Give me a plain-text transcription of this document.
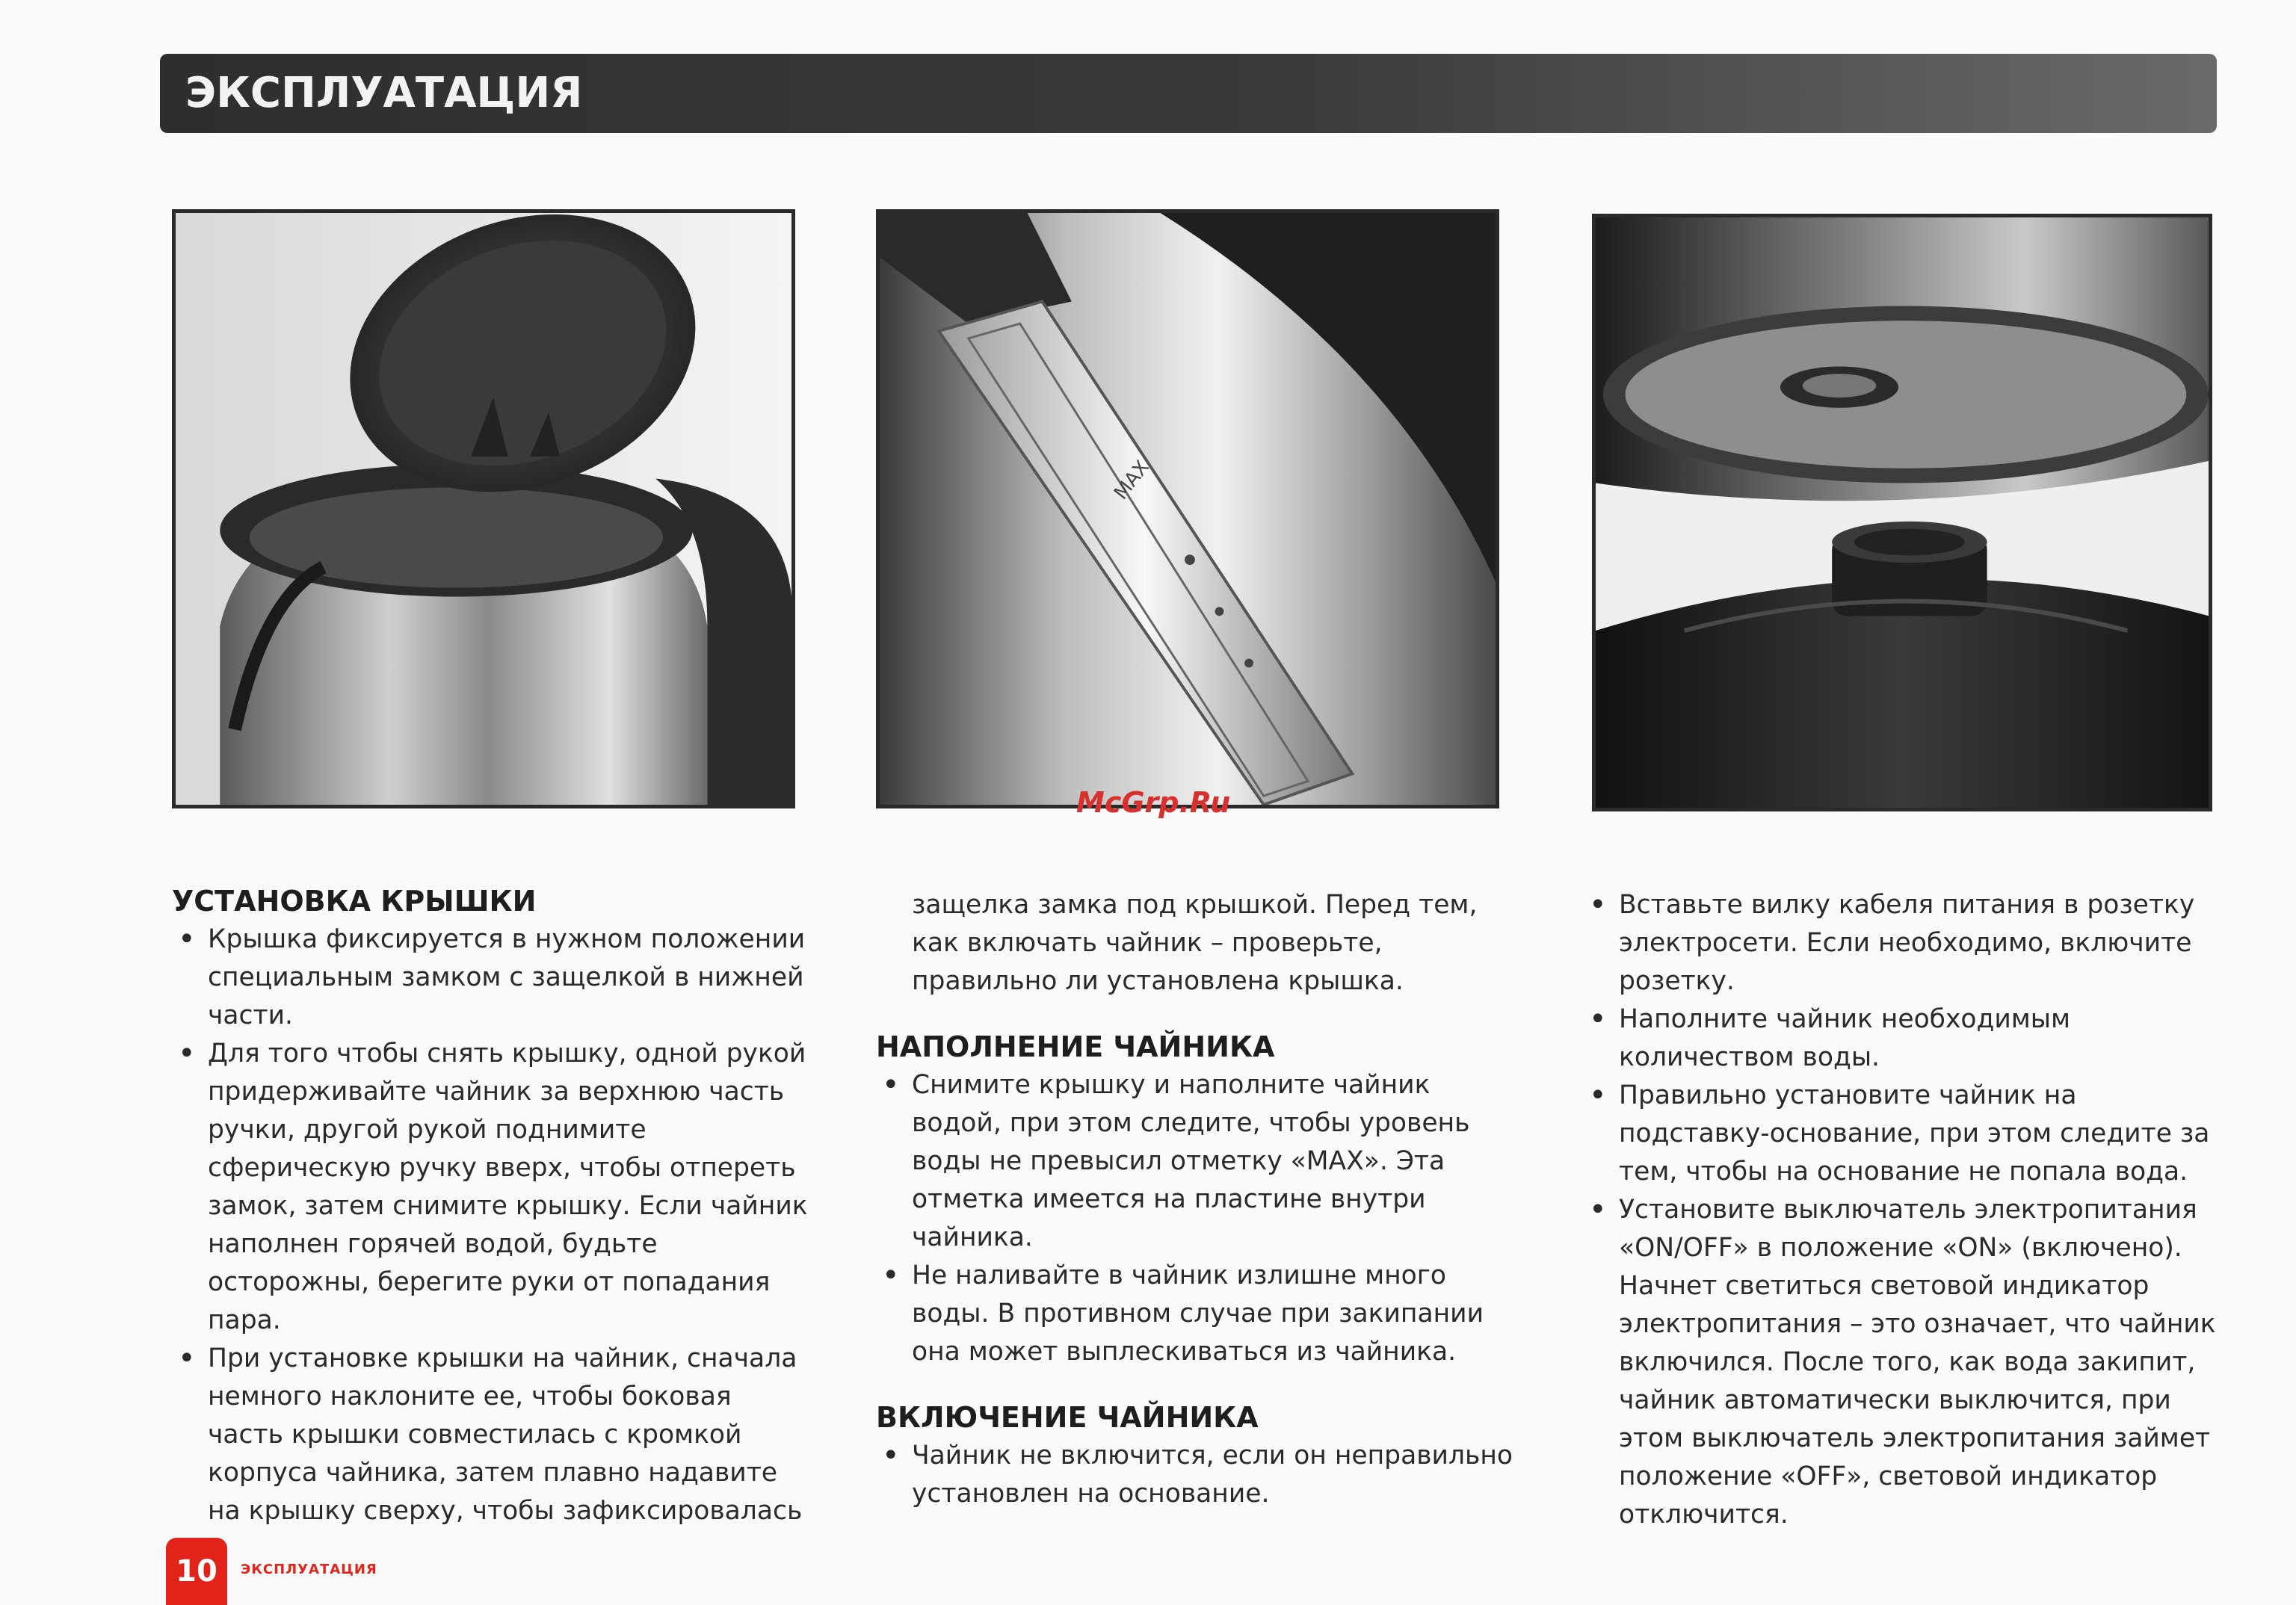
ЭКСПЛУАТАЦИЯ
MAX
McGrp.Ru
УСТАНОВКА КРЫШКИ
• Крышка фиксируется в нужном положении специальным замком с защелкой в нижней части.
• Для того чтобы снять крышку, одной рукой придерживайте чайник за верхнюю часть ручки, другой рукой поднимите сферическую ручку вверх, чтобы отпереть замок, затем снимите крышку. Если чайник наполнен горячей водой, будьте осторожны, берегите руки от попадания пара.
• При установке крышки на чайник, сначала немного наклоните ее, чтобы боковая часть крышки совместилась с кромкой корпуса чайника, затем плавно надавите на крышку сверху, чтобы зафиксировалась
защелка замка под крышкой. Перед тем, как включать чайник – проверьте, правильно ли установлена крышка.
НАПОЛНЕНИЕ ЧАЙНИКА
• Снимите крышку и наполните чайник водой, при этом следите, чтобы уровень воды не превысил отметку «MAX». Эта отметка имеется на пластине внутри чайника.
• Не наливайте в чайник излишне много воды. В противном случае при закипании она может выплескиваться из чайника.
ВКЛЮЧЕНИЕ ЧАЙНИКА
• Чайник не включится, если он неправильно установлен на основание.
• Вставьте вилку кабеля питания в розетку электросети. Если необходимо, включите розетку.
• Наполните чайник необходимым количеством воды.
• Правильно установите чайник на подставку-основание, при этом следите за тем, чтобы на основание не попала вода.
• Установите выключатель электропитания «ON/OFF» в положение «ON» (включено). Начнет светиться световой индикатор электропитания – это означает, что чайник включился. После того, как вода закипит, чайник автоматически выключится, при этом выключатель электропитания займет положение «OFF», световой индикатор отключится.
10	ЭКСПЛУАТАЦИЯ
